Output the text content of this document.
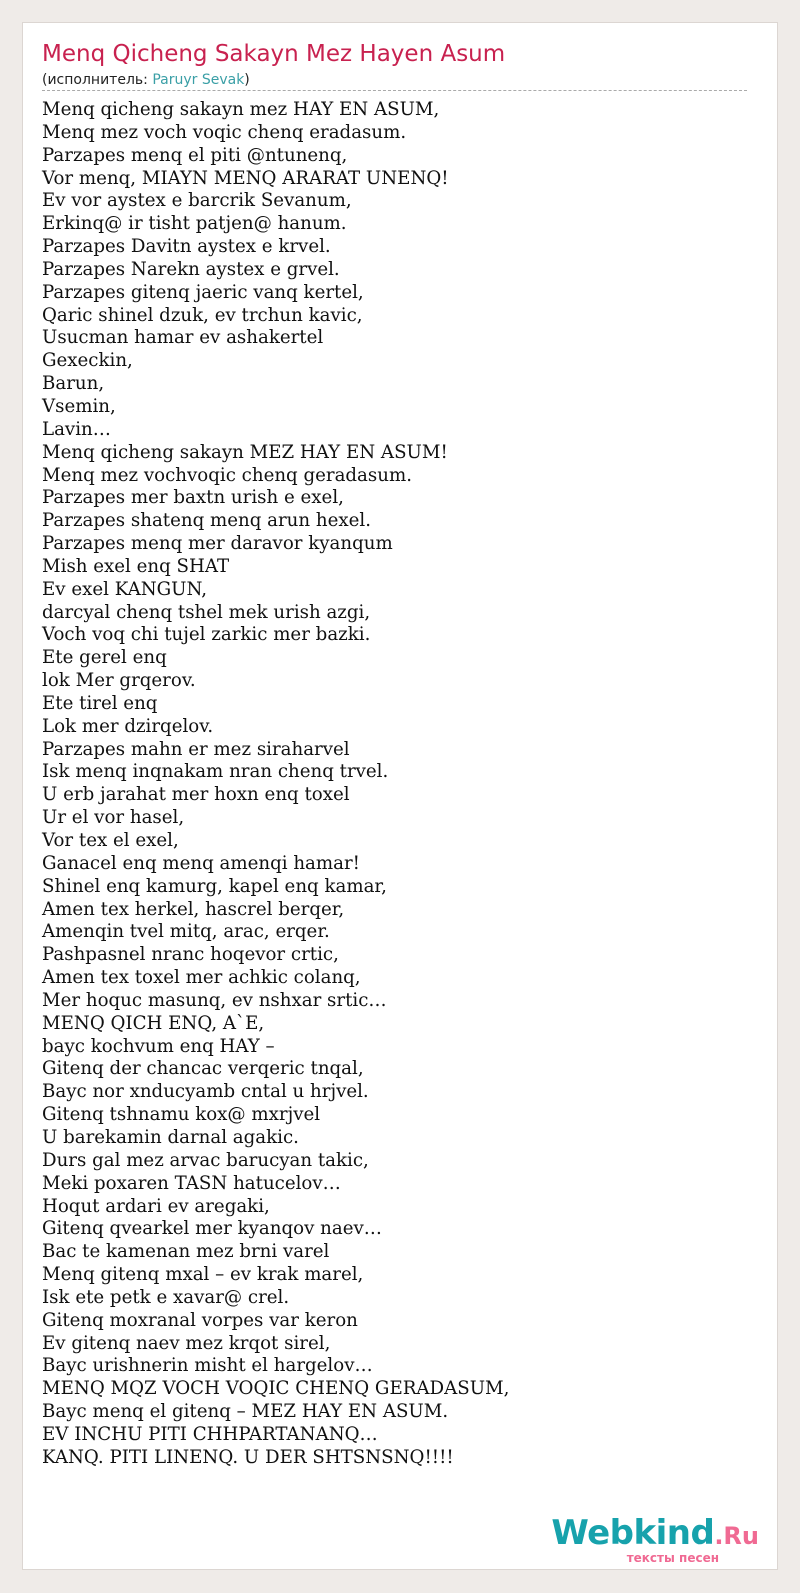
Menq Qicheng Sakayn Mez Hayen Asum
(исполнитель: Paruyr Sevak)
Menq qicheng sakayn mez HAY EN ASUM,
Menq mez voch voqic chenq eradasum.
Parzapes menq el piti @ntunenq,
Vor menq, MIAYN MENQ ARARAT UNENQ!
Ev vor aystex e barcrik Sevanum,
Erkinq@ ir tisht patjen@ hanum.
Parzapes Davitn aystex e krvel.
Parzapes Narekn aystex e grvel.
Parzapes gitenq jaeric vanq kertel,
Qaric shinel dzuk, ev trchun kavic,
Usucman hamar ev ashakertel
Gexeckin,
Barun,
Vsemin,
Lavin…
Menq qicheng sakayn MEZ HAY EN ASUM!
Menq mez vochvoqic chenq geradasum.
Parzapes mer baxtn urish e exel,
Parzapes shatenq menq arun hexel.
Parzapes menq mer daravor kyanqum
Mish exel enq SHAT
Ev exel KANGUN,
darcyal chenq tshel mek urish azgi,
Voch voq chi tujel zarkic mer bazki.
Ete gerel enq
lok Mer grqerov.
Ete tirel enq
Lok mer dzirqelov.
Parzapes mahn er mez siraharvel
Isk menq inqnakam nran chenq trvel.
U erb jarahat mer hoxn enq toxel
Ur el vor hasel,
Vor tex el exel,
Ganacel enq menq amenqi hamar!
Shinel enq kamurg, kapel enq kamar,
Amen tex herkel, hascrel berqer,
Amenqin tvel mitq, arac, erqer.
Pashpasnel nranc hoqevor crtic,
Amen tex toxel mer achkic colanq,
Mer hoquc masunq, ev nshxar srtic…
MENQ QICH ENQ, A`E,
bayc kochvum enq HAY –
Gitenq der chancac verqeric tnqal,
Bayc nor xnducyamb cntal u hrjvel.
Gitenq tshnamu kox@ mxrjvel
U barekamin darnal agakic.
Durs gal mez arvac barucyan takic,
Meki poxaren TASN hatucelov…
Hoqut ardari ev aregaki,
Gitenq qvearkel mer kyanqov naev…
Bac te kamenan mez brni varel
Menq gitenq mxal – ev krak marel,
Isk ete petk e xavar@ crel.
Gitenq moxranal vorpes var keron
Ev gitenq naev mez krqot sirel,
Bayc urishnerin misht el hargelov…
MENQ MQZ VOCH VOQIC CHENQ GERADASUM,
Bayc menq el gitenq – MEZ HAY EN ASUM.
EV INCHU PITI CHHPARTANANQ…
KANQ. PITI LINENQ. U DER SHTSNSNQ!!!!
Webkind.Ru
тексты песен
